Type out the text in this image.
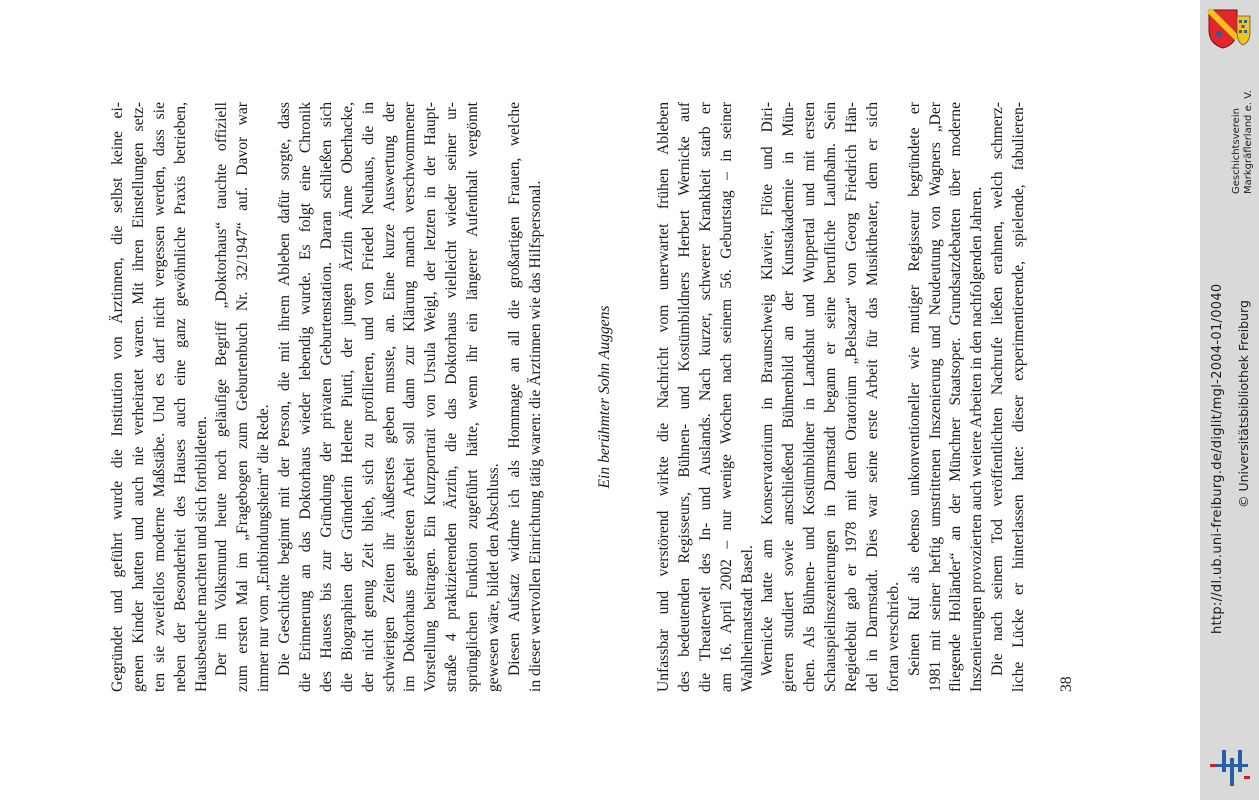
Gegründet und geführt wurde die Institution von Ärztinnen, die selbst keine ei- genen Kinder hatten und auch nie verheiratet waren. Mit ihren Einstellungen setz- ten sie zweifellos moderne Maßstäbe. Und es darf nicht vergessen werden, dass sie neben der Besonderheit des Hauses auch eine ganz gewöhnliche Praxis betrieben, Hausbesuche machten und sich fortbildeten. Der im Volksmund heute noch geläufige Begriff „Doktorhaus“ tauchte offiziell zum ersten Mal im „Fragebogen zum Geburtenbuch Nr. 32/1947“ auf. Davor war immer nur vom „Entbindungsheim“ die Rede. Die Geschichte beginnt mit der Person, die mit ihrem Ableben dafür sorgte, dass die Erinnerung an das Doktorhaus wieder lebendig wurde. Es folgt eine Chronik des Hauses bis zur Gründung der privaten Geburtenstation. Daran schließen sich die Biographien der Gründerin Helene Piutti, der jungen Ärztin Änne Oberhacke, der nicht genug Zeit blieb, sich zu profilieren, und von Friedel Neuhaus, die in schwierigen Zeiten ihr Äußerstes geben musste, an. Eine kurze Auswertung der im Doktorhaus geleisteten Arbeit soll dann zur Klärung manch verschwommener Vorstellung beitragen. Ein Kurzportrait von Ursula Weigl, der letzten in der Haupt- straße 4 praktizierenden Ärztin, die das Doktorhaus vielleicht wieder seiner ur- sprünglichen Funktion zugeführt hätte, wenn ihr ein längerer Aufenthalt vergönnt gewesen wäre, bildet den Abschluss. Diesen Aufsatz widme ich als Hommage an all die großartigen Frauen, welche in dieser wertvollen Einrichtung tätig waren: die Ärztinnen wie das Hilfspersonal.	Ein berühmter Sohn Auggens	Unfassbar und verstörend wirkte die Nachricht vom unerwartet frühen Ableben des bedeutenden Regisseurs, Bühnen- und Kostümbildners Herbert Wernicke auf die Theaterwelt des In- und Auslands. Nach kurzer, schwerer Krankheit starb er am 16. April 2002 – nur wenige Wochen nach seinem 56. Geburtstag – in seiner Wahlheimatstadt Basel. Wernicke hatte am Konservatorium in Braunschweig Klavier, Flöte und Diri- gieren studiert sowie anschließend Bühnenbild an der Kunstakademie in Mün- chen. Als Bühnen- und Kostümbildner in Landshut und Wuppertal und mit ersten Schauspielinszenierungen in Darmstadt begann er seine berufliche Laufbahn. Sein Regiedebüt gab er 1978 mit dem Oratorium „Belsazar“ von Georg Friedrich Hän- del in Darmstadt. Dies war seine erste Arbeit für das Musiktheater, dem er sich fortan verschrieb. Seinen Ruf als ebenso unkonventioneller wie mutiger Regisseur begründete er 1981 mit seiner heftig umstrittenen Inszenierung und Neudeutung von Wagners „Der fliegende Holländer“ an der Münchner Staatsoper. Grundsatzdebatten über moderne Inszenierungen provozierten auch weitere Arbeiten in den nachfolgenden Jahren. Die nach seinem Tod veröffentlichten Nachrufe ließen erahnen, welch schmerz- liche Lücke er hinterlassen hatte: dieser experimentierende, spielende, fabulieren- 38
http://dl.ub.uni-freiburg.de/diglit/mgl-2004-01/0040 © Universitätsbibliothek Freiburg
Geschichtsverein Markgräflerland e. V.
